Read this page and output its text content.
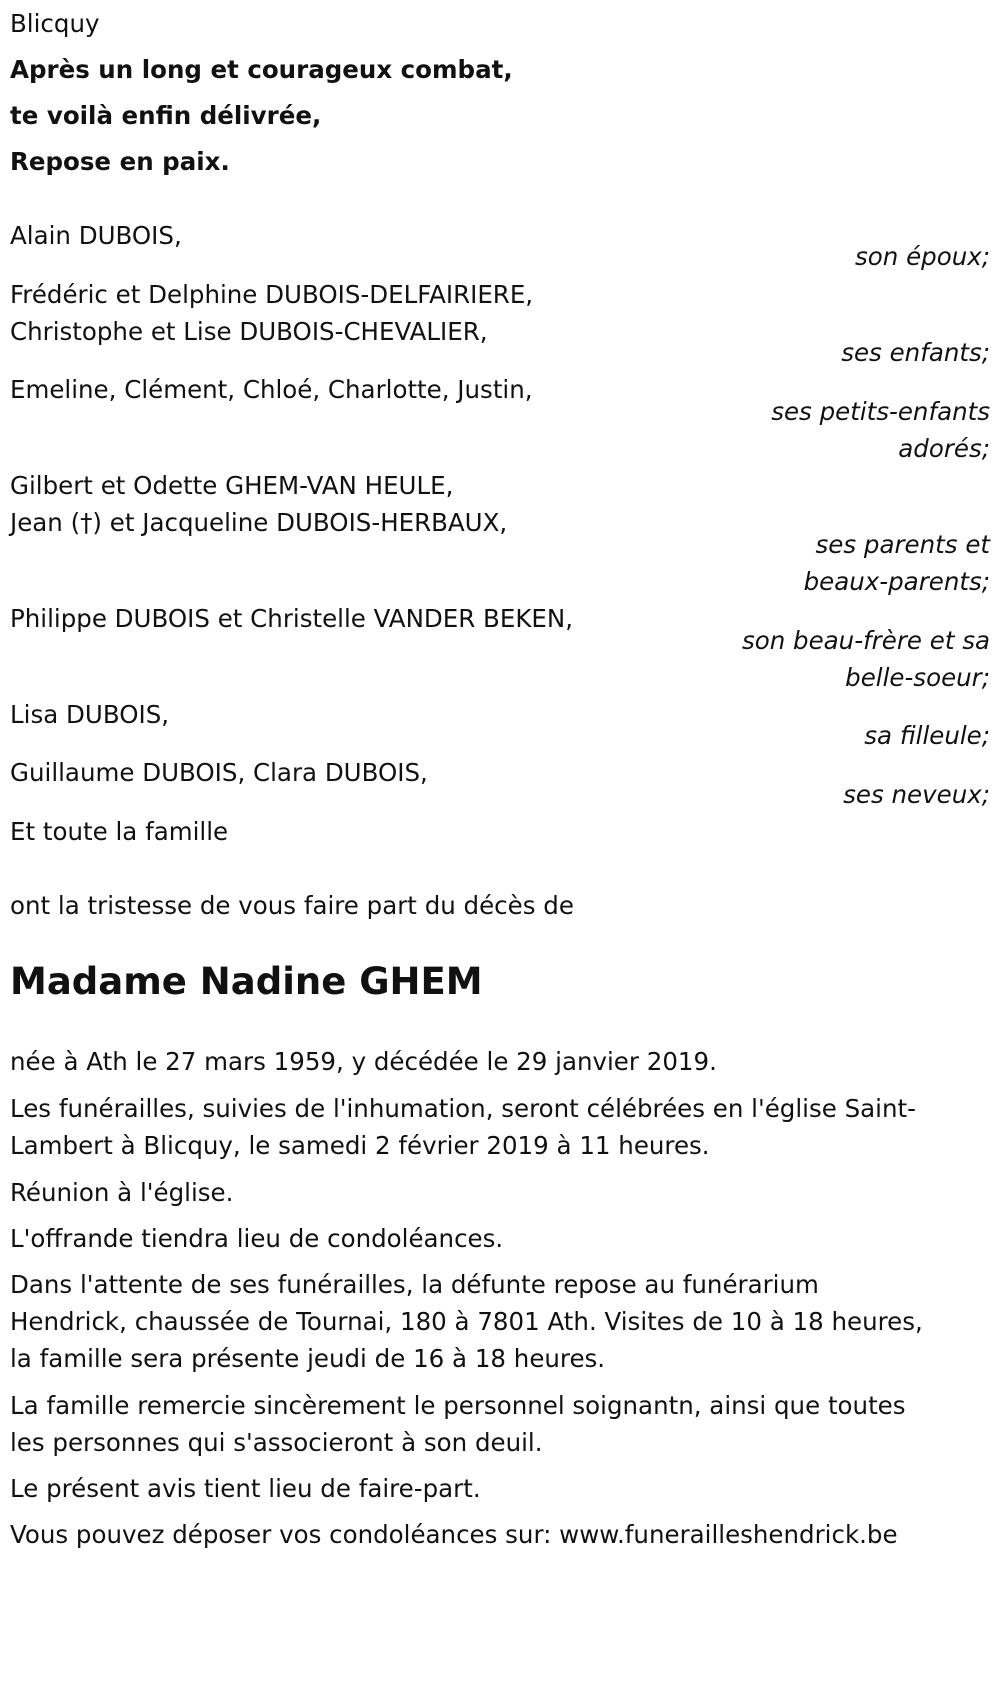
Blicquy
Après un long et courageux combat,
te voilà enfin délivrée,
Repose en paix.
Alain DUBOIS,
son époux;
Frédéric et Delphine DUBOIS-DELFAIRIERE,
Christophe et Lise DUBOIS-CHEVALIER,
ses enfants;
Emeline, Clément, Chloé, Charlotte, Justin,
ses petits-enfants
adorés;
Gilbert et Odette GHEM-VAN HEULE,
Jean (†) et Jacqueline DUBOIS-HERBAUX,
ses parents et
beaux-parents;
Philippe DUBOIS et Christelle VANDER BEKEN,
son beau-frère et sa
belle-soeur;
Lisa DUBOIS,
sa filleule;
Guillaume DUBOIS, Clara DUBOIS,
ses neveux;
Et toute la famille
ont la tristesse de vous faire part du décès de
Madame Nadine GHEM
née à Ath le 27 mars 1959, y décédée le 29 janvier 2019.
Les funérailles, suivies de l'inhumation, seront célébrées en l'église Saint-
Lambert à Blicquy, le samedi 2 février 2019 à 11 heures.
Réunion à l'église.
L'offrande tiendra lieu de condoléances.
Dans l'attente de ses funérailles, la défunte repose au funérarium
Hendrick, chaussée de Tournai, 180 à 7801 Ath. Visites de 10 à 18 heures,
la famille sera présente jeudi de 16 à 18 heures.
La famille remercie sincèrement le personnel soignantn, ainsi que toutes
les personnes qui s'associeront à son deuil.
Le présent avis tient lieu de faire-part.
Vous pouvez déposer vos condoléances sur: www.funerailleshendrick.be
